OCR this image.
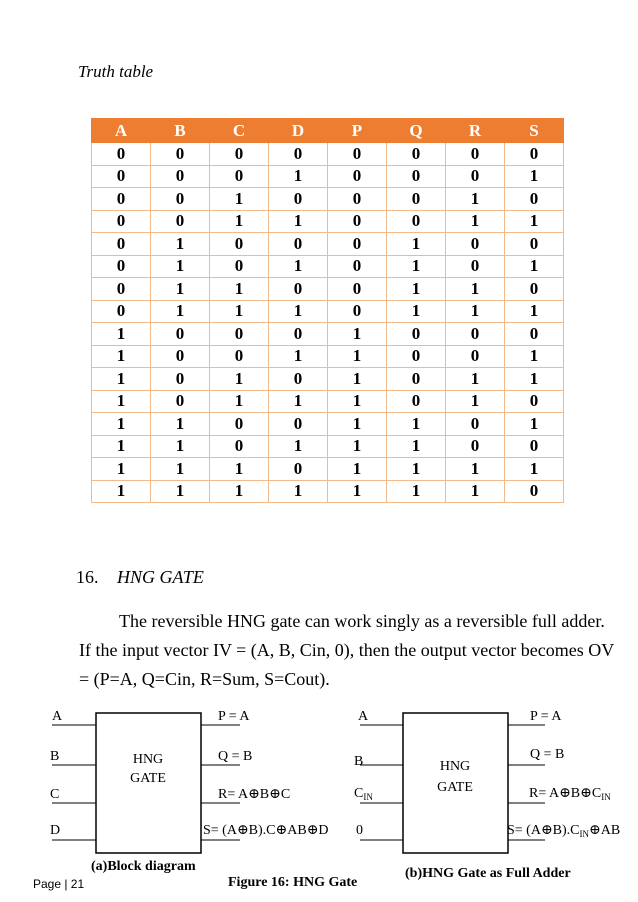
Truth table
A	B	C	D	P	Q	R	S
0	0	0	0	0	0	0	0
0	0	0	1	0	0	0	1
0	0	1	0	0	0	1	0
0	0	1	1	0	0	1	1
0	1	0	0	0	1	0	0
0	1	0	1	0	1	0	1
0	1	1	0	0	1	1	0
0	1	1	1	0	1	1	1
1	0	0	0	1	0	0	0
1	0	0	1	1	0	0	1
1	0	1	0	1	0	1	1
1	0	1	1	1	0	1	0
1	1	0	0	1	1	0	1
1	1	0	1	1	1	0	0
1	1	1	0	1	1	1	1
1	1	1	1	1	1	1	0
16. HNG GATE

The reversible HNG gate can work singly as a reversible full adder. If the input vector IV = (A, B, Cin, 0), then the output vector becomes OV = (P=A, Q=Cin, R=Sum, S=Cout).

A
B
C
D
HNG
GATE
P = A
Q = B
R= A⊕B⊕C
S= (A⊕B).C⊕AB⊕D
A
B
$C_{IN}$
0
HNG
GATE
P = A
Q = B
$R= A\oplus B\oplus C_{IN}$
$S= (A\oplus B).C_{IN}\oplus AB$
(a)Block diagram	(b)HNG Gate as Full Adder
Figure 16: HNG Gate
Page | 21
